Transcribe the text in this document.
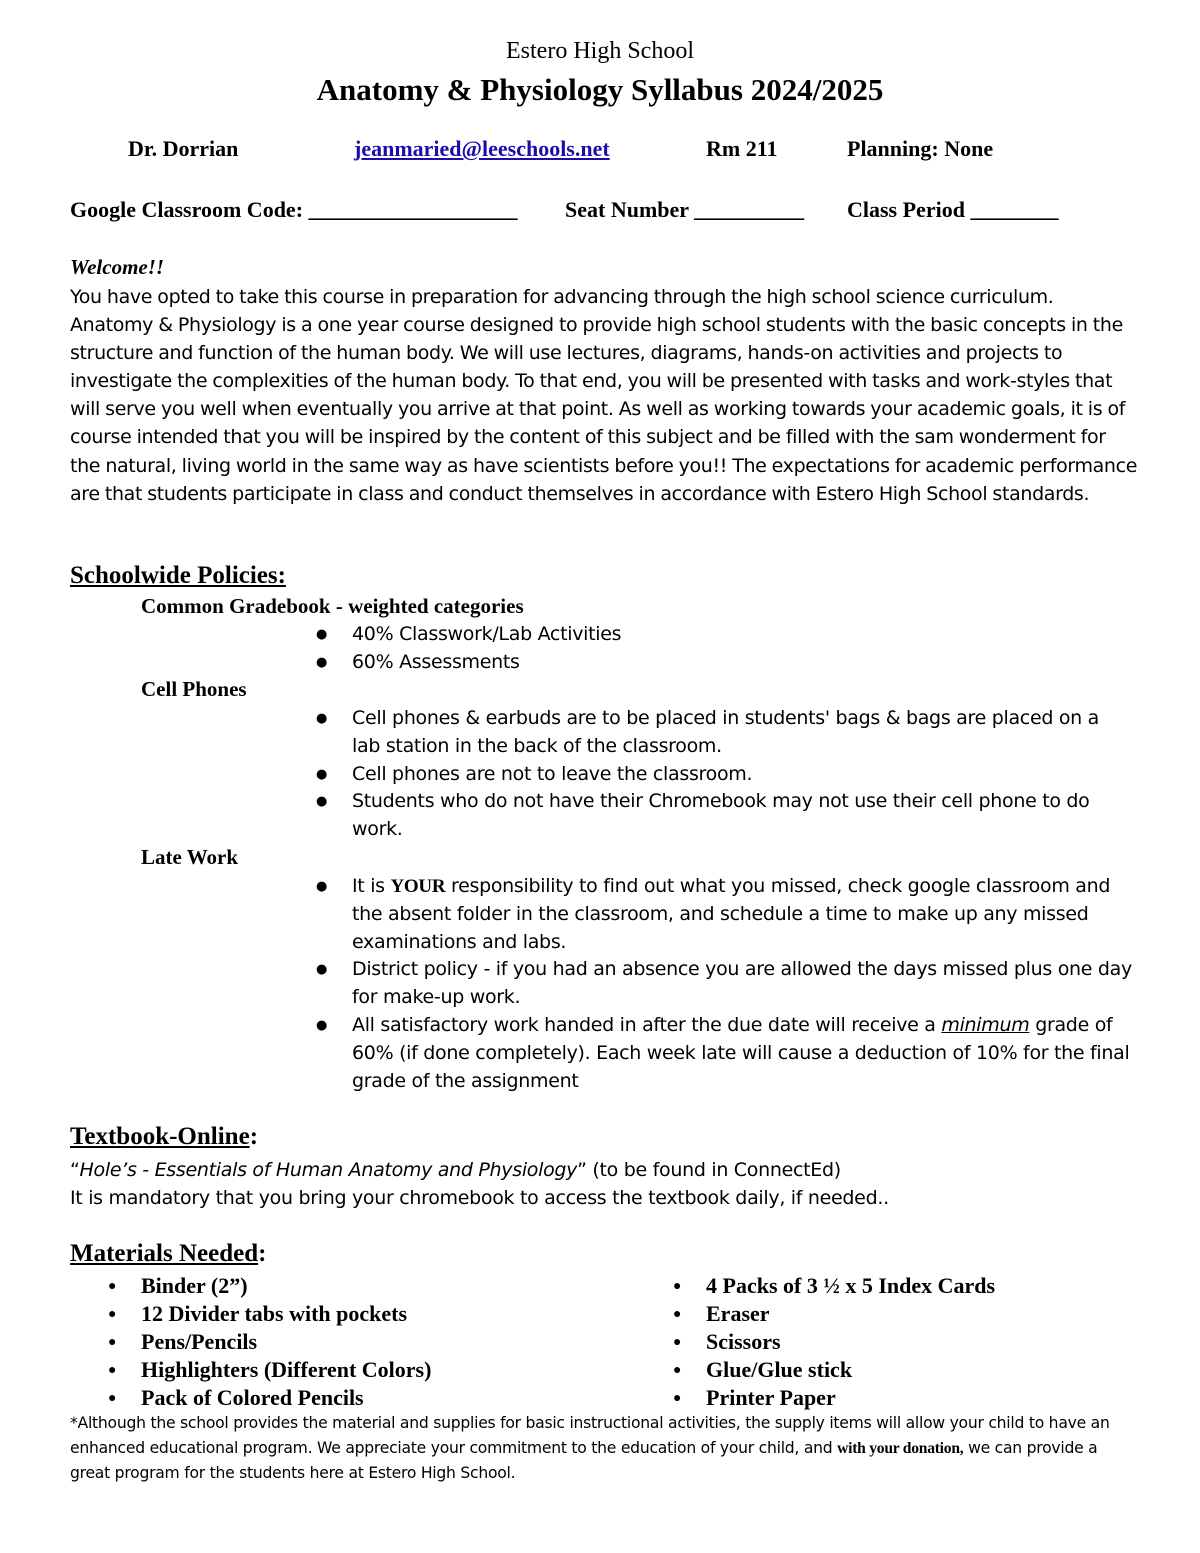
Estero High School
Anatomy & Physiology Syllabus 2024/2025
Dr. Dorrian	jeanmaried@leeschools.net	Rm 211	Planning: None
Google Classroom Code: ___________________ Seat Number __________ Class Period ________
Welcome!!
You have opted to take this course in preparation for advancing through the high school science curriculum. Anatomy & Physiology is a one year course designed to provide high school students with the basic concepts in the structure and function of the human body. We will use lectures, diagrams, hands-on activities and projects to investigate the complexities of the human body. To that end, you will be presented with tasks and work-styles that will serve you well when eventually you arrive at that point. As well as working towards your academic goals, it is of course intended that you will be inspired by the content of this subject and be filled with the sam wonderment for the natural, living world in the same way as have scientists before you!! The expectations for academic performance are that students participate in class and conduct themselves in accordance with Estero High School standards.
Schoolwide Policies:
Common Gradebook - weighted categories
● 40% Classwork/Lab Activities
● 60% Assessments
Cell Phones
● Cell phones & earbuds are to be placed in students' bags & bags are placed on a lab station in the back of the classroom.
● Cell phones are not to leave the classroom.
● Students who do not have their Chromebook may not use their cell phone to do work.
Late Work
● It is YOUR responsibility to find out what you missed, check google classroom and the absent folder in the classroom, and schedule a time to make up any missed examinations and labs.
● District policy - if you had an absence you are allowed the days missed plus one day for make-up work.
● All satisfactory work handed in after the due date will receive a minimum grade of 60% (if done completely). Each week late will cause a deduction of 10% for the final grade of the assignment
Textbook-Online:
“Hole’s - Essentials of Human Anatomy and Physiology” (to be found in ConnectEd)
It is mandatory that you bring your chromebook to access the textbook daily, if needed..
Materials Needed:
● Binder (2”)
● 12 Divider tabs with pockets
● Pens/Pencils
● Highlighters (Different Colors)
● Pack of Colored Pencils
● 4 Packs of 3 ½ x 5 Index Cards
● Eraser
● Scissors
● Glue/Glue stick
● Printer Paper
*Although the school provides the material and supplies for basic instructional activities, the supply items will allow your child to have an enhanced educational program. We appreciate your commitment to the education of your child, and with your donation, we can provide a great program for the students here at Estero High School.
